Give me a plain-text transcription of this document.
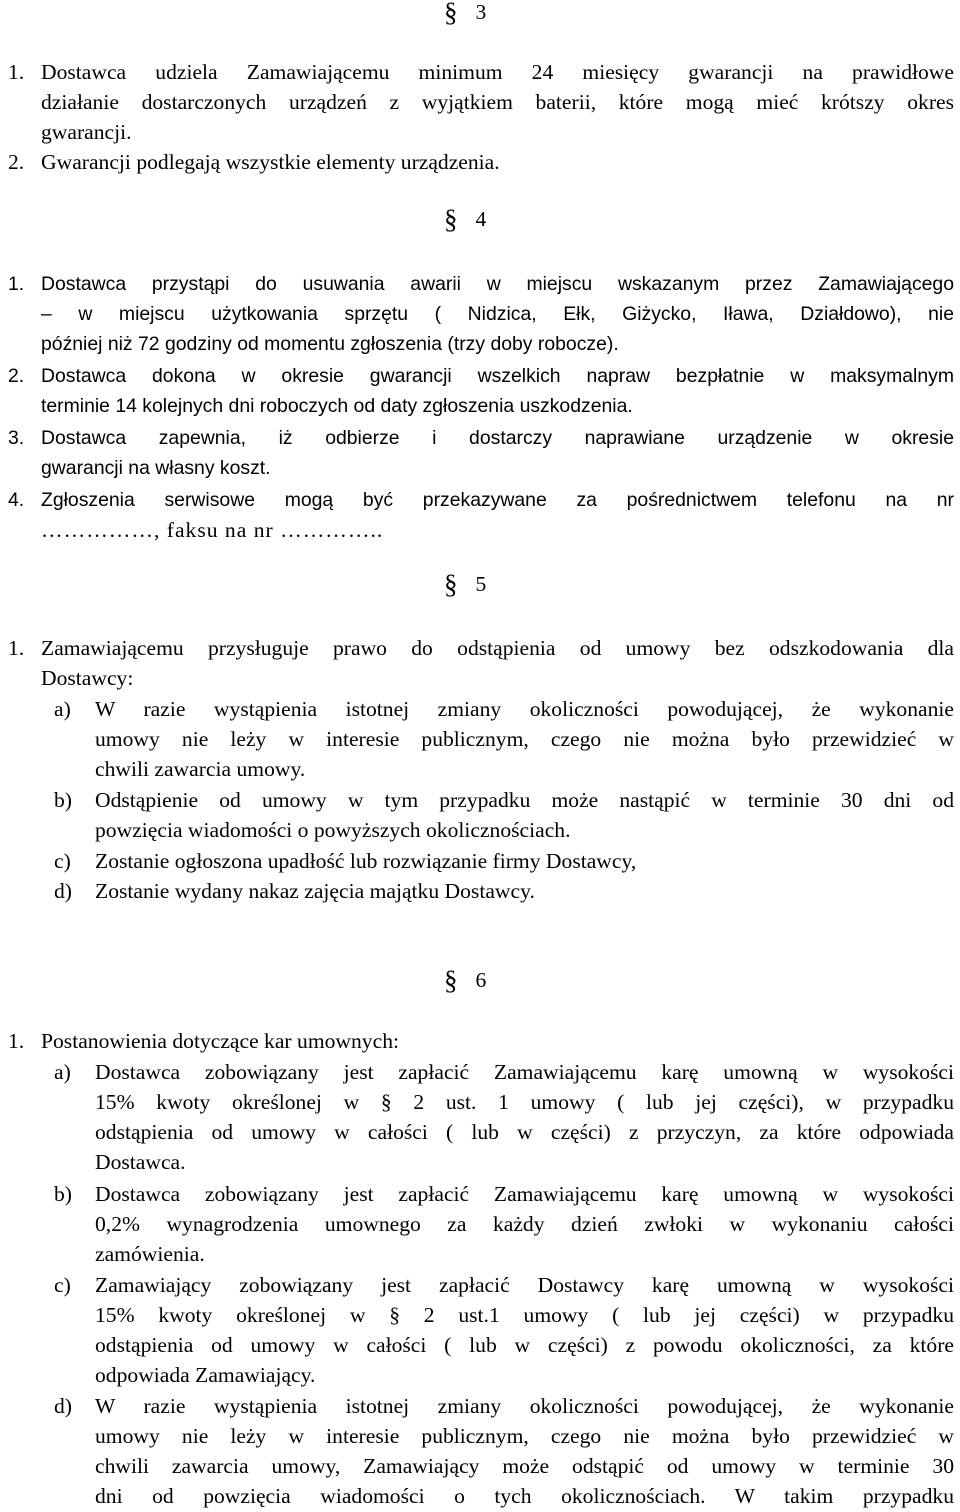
§ 3
1. Dostawca udziela Zamawiającemu minimum 24 miesięcy gwarancji na prawidłowe
działanie dostarczonych urządzeń z wyjątkiem baterii, które mogą mieć krótszy okres
gwarancji.
2. Gwarancji podlegają wszystkie elementy urządzenia.
§ 4
1. Dostawca przystąpi do usuwania awarii w miejscu wskazanym przez Zamawiającego
– w miejscu użytkowania sprzętu ( Nidzica, Ełk, Giżycko, Iława, Działdowo), nie
później niż 72 godziny od momentu zgłoszenia (trzy doby robocze).
2. Dostawca dokona w okresie gwarancji wszelkich napraw bezpłatnie w maksymalnym
terminie 14 kolejnych dni roboczych od daty zgłoszenia uszkodzenia.
3. Dostawca zapewnia, iż odbierze i dostarczy naprawiane urządzenie w okresie
gwarancji na własny koszt.
4. Zgłoszenia serwisowe mogą być przekazywane za pośrednictwem telefonu na nr
……………, faksu na nr …………..
§ 5
1. Zamawiającemu przysługuje prawo do odstąpienia od umowy bez odszkodowania dla
Dostawcy:
a) W razie wystąpienia istotnej zmiany okoliczności powodującej, że wykonanie
umowy nie leży w interesie publicznym, czego nie można było przewidzieć w
chwili zawarcia umowy.
b) Odstąpienie od umowy w tym przypadku może nastąpić w terminie 30 dni od
powzięcia wiadomości o powyższych okolicznościach.
c) Zostanie ogłoszona upadłość lub rozwiązanie firmy Dostawcy,
d) Zostanie wydany nakaz zajęcia majątku Dostawcy.
§ 6
1. Postanowienia dotyczące kar umownych:
a) Dostawca zobowiązany jest zapłacić Zamawiającemu karę umowną w wysokości
15% kwoty określonej w § 2 ust. 1 umowy ( lub jej części), w przypadku
odstąpienia od umowy w całości ( lub w części) z przyczyn, za które odpowiada
Dostawca.
b) Dostawca zobowiązany jest zapłacić Zamawiającemu karę umowną w wysokości
0,2% wynagrodzenia umownego za każdy dzień zwłoki w wykonaniu całości
zamówienia.
c) Zamawiający zobowiązany jest zapłacić Dostawcy karę umowną w wysokości
15% kwoty określonej w § 2 ust.1 umowy ( lub jej części) w przypadku
odstąpienia od umowy w całości ( lub w części) z powodu okoliczności, za które
odpowiada Zamawiający.
d) W razie wystąpienia istotnej zmiany okoliczności powodującej, że wykonanie
umowy nie leży w interesie publicznym, czego nie można było przewidzieć w
chwili zawarcia umowy, Zamawiający może odstąpić od umowy w terminie 30
dni od powzięcia wiadomości o tych okolicznościach. W takim przypadku
